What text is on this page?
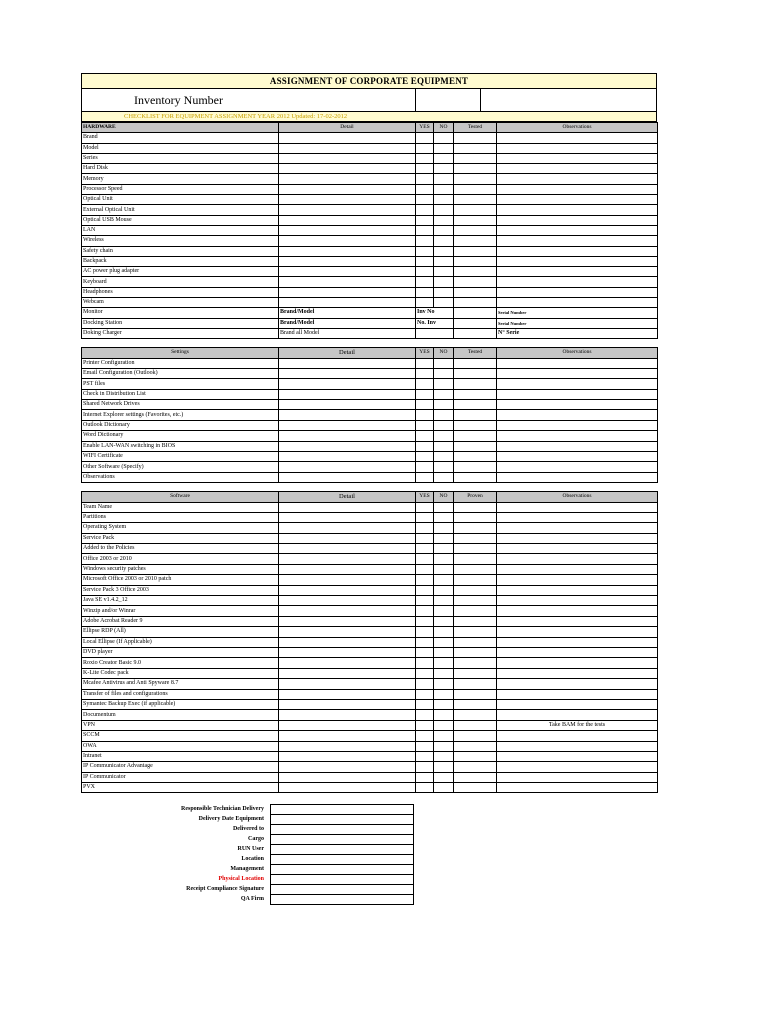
ASSIGNMENT OF CORPORATE EQUIPMENT
Inventory Number
CHECKLIST FOR EQUIPMENT ASSIGNMENT YEAR 2012 Updated: 17-02-2012
HARDWARE	Detail	YES	NO	Tested	Observations
Brand					
Model					
Series					
Hard Disk					
Memory					
Processor Speed					
Optical Unit					
External Optical Unit					
Optical USB Mouse					
LAN					
Wireless					
Safety chain					
Backpack					
AC power plug adapter					
Keyboard					
Headphones					
Webcam					
Monitor	Brand/Model	Inv No			Serial Number
Docking Station	Brand/Model	No. Inv			Serial Number
Doking Charger	Brand all Model				N° Serie
Settings	Detail	YES	NO	Tested	Observations
Printer Configuration					
Email Configuration (Outlook)					
PST files					
Check in Distribution List					
Shared Network Drives					
Internet Explorer settings (Favorites, etc.)					
Outlook Dictionary					
Word Dictionary					
Enable LAN-WAN switching in BIOS					
WIFI Certificate					
Other Software (Specify)					
Observations					
Software	Detail	YES	NO	Proven	Observations
Team Name					
Partitions					
Operating System					
Service Pack					
Added to the Policies					
Office 2003 or 2010					
Windows security patches					
Microsoft Office 2003 or 2010 patch					
Service Pack 3 Office 2003					
Java SE v1.4.2_12					
Winzip and/or Winrar					
Adobe Acrobat Reader 9					
Ellipse RDP (All)					
Local Ellipse (If Applicable)					
DVD player					
Roxio Creator Basic 9.0					
K-Lite Codec pack					
Mcafee Antivirus and Anti Spyware 8.7					
Transfer of files and configurations					
Symantec Backup Exec (if applicable)					
Documentum					
VPN					Take BAM for the tests
SCCM					
OWA					
Intranet					
IP Communicator Advantage					
IP Communicator					
PVX					
Responsible Technician Delivery	
Delivery Date Equipment	
Delivered to	
Cargo	
RUN User	
Location	
Management	
Physical Location	
Receipt Compliance Signature	
QA Firm	
